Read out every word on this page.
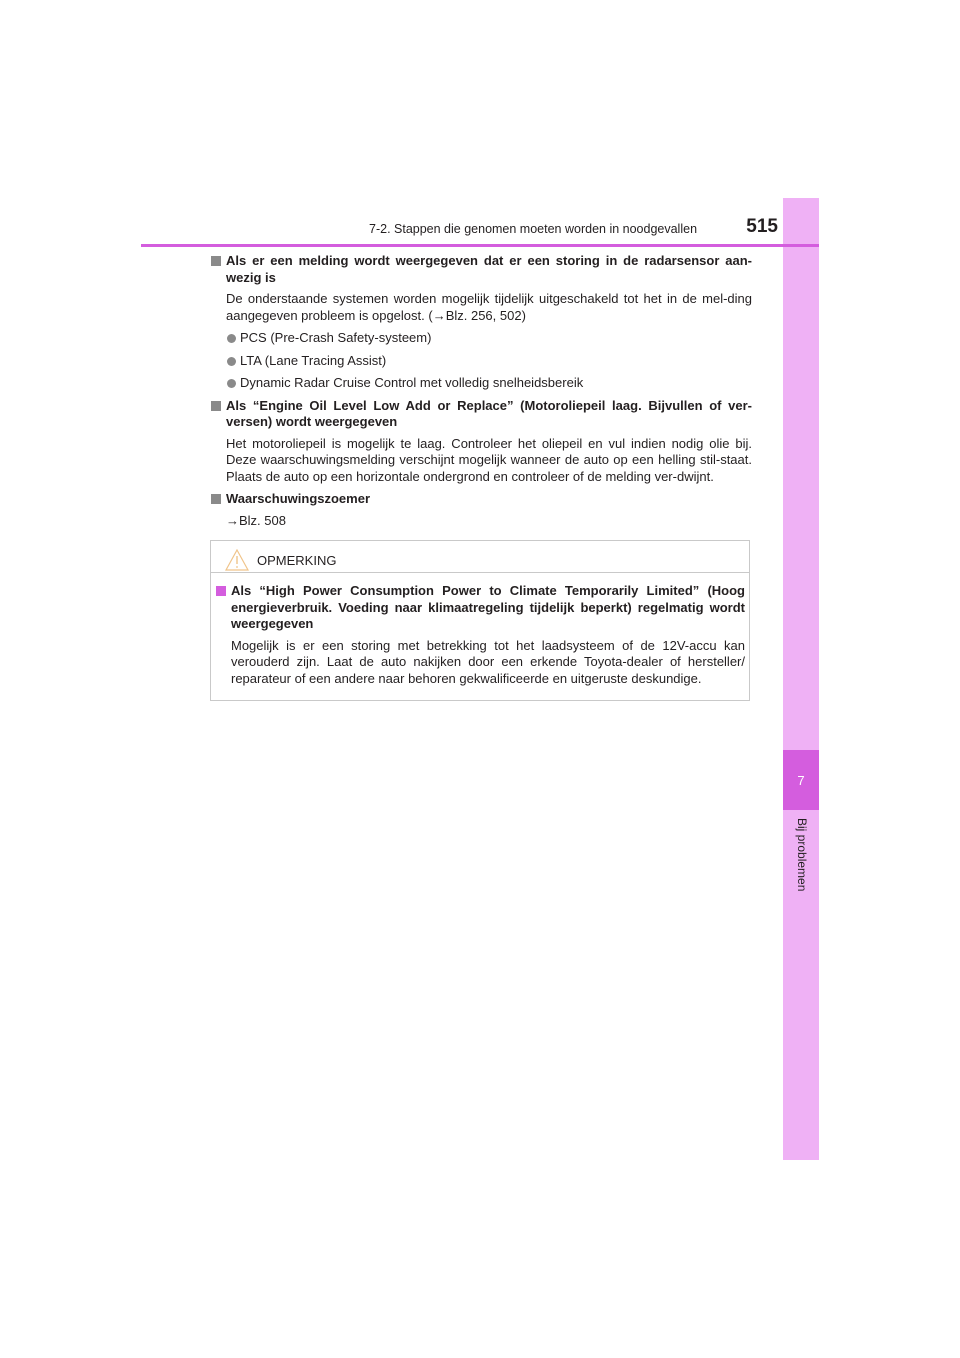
7
Bij problemen
7-2. Stappen die genomen moeten worden in noodgevallen	515
Als er een melding wordt weergegeven dat er een storing in de radarsensor aan-wezig is
De onderstaande systemen worden mogelijk tijdelijk uitgeschakeld tot het in de mel-ding aangegeven probleem is opgelost. (→Blz. 256, 502)
PCS (Pre-Crash Safety-systeem)
LTA (Lane Tracing Assist)
Dynamic Radar Cruise Control met volledig snelheidsbereik
Als “Engine Oil Level Low Add or Replace” (Motoroliepeil laag. Bijvullen of ver-versen) wordt weergegeven
Het motoroliepeil is mogelijk te laag. Controleer het oliepeil en vul indien nodig olie bij. Deze waarschuwingsmelding verschijnt mogelijk wanneer de auto op een helling stil-staat. Plaats de auto op een horizontale ondergrond en controleer of de melding ver-dwijnt.
Waarschuwingszoemer
→Blz. 508
OPMERKING
Als “High Power Consumption Power to Climate Temporarily Limited” (Hoog energieverbruik. Voeding naar klimaatregeling tijdelijk beperkt) regelmatig wordt weergegeven
Mogelijk is er een storing met betrekking tot het laadsysteem of de 12V-accu kan verouderd zijn. Laat de auto nakijken door een erkende Toyota-dealer of hersteller/ reparateur of een andere naar behoren gekwalificeerde en uitgeruste deskundige.
